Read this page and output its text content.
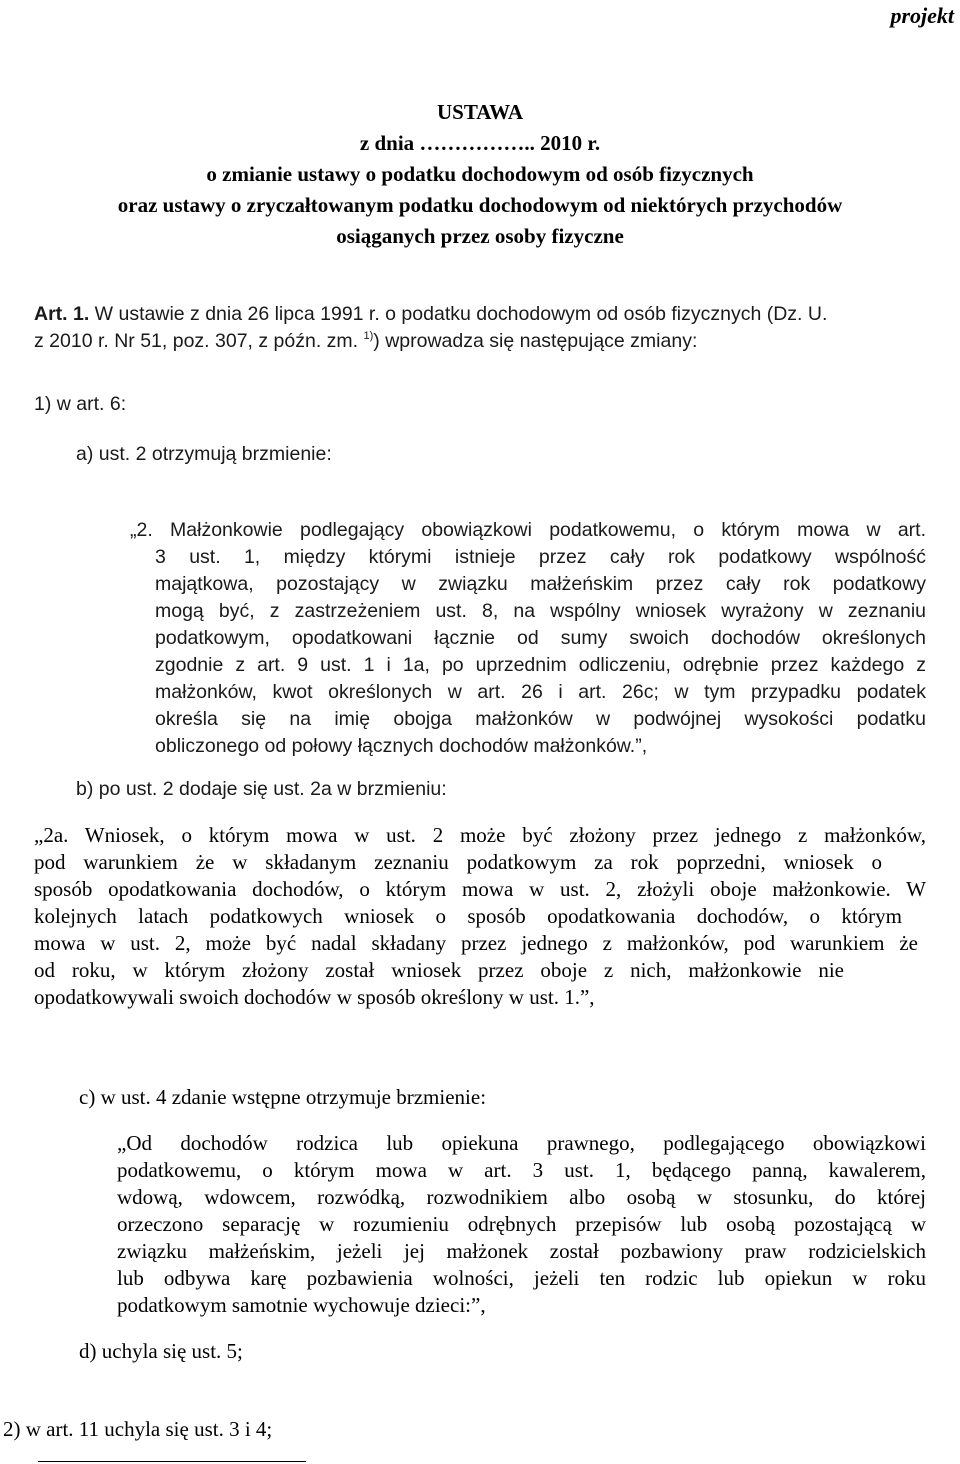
projekt
USTAWA
z dnia …………….. 2010 r.
o zmianie ustawy o podatku dochodowym od osób fizycznych
oraz ustawy o zryczałtowanym podatku dochodowym od niektórych przychodów
osiąganych przez osoby fizyczne
Art. 1. W ustawie z dnia 26 lipca 1991 r. o podatku dochodowym od osób fizycznych (Dz. U.
z 2010 r. Nr 51, poz. 307, z późn. zm. $^{1)}$) wprowadza się następujące zmiany:
1) w art. 6:
a) ust. 2 otrzymują brzmienie:
„2. Małżonkowie podlegający obowiązkowi podatkowemu, o którym mowa w art.
3 ust. 1, między którymi istnieje przez cały rok podatkowy wspólność
majątkowa, pozostający w związku małżeńskim przez cały rok podatkowy
mogą być, z zastrzeżeniem ust. 8, na wspólny wniosek wyrażony w zeznaniu
podatkowym, opodatkowani łącznie od sumy swoich dochodów określonych
zgodnie z art. 9 ust. 1 i 1a, po uprzednim odliczeniu, odrębnie przez każdego z
małżonków, kwot określonych w art. 26 i art. 26c; w tym przypadku podatek
określa się na imię obojga małżonków w podwójnej wysokości podatku
obliczonego od połowy łącznych dochodów małżonków.”,
b) po ust. 2 dodaje się ust. 2a w brzmieniu:
„2a. Wniosek, o którym mowa w ust. 2 może być złożony przez jednego z małżonków,
pod warunkiem że w składanym zeznaniu podatkowym za rok poprzedni, wniosek o
sposób opodatkowania dochodów, o którym mowa w ust. 2, złożyli oboje małżonkowie. W
kolejnych latach podatkowych wniosek o sposób opodatkowania dochodów, o którym
mowa w ust. 2, może być nadal składany przez jednego z małżonków, pod warunkiem że
od roku, w którym złożony został wniosek przez oboje z nich, małżonkowie nie
opodatkowywali swoich dochodów w sposób określony w ust. 1.”,
c) w ust. 4 zdanie wstępne otrzymuje brzmienie:
„Od dochodów rodzica lub opiekuna prawnego, podlegającego obowiązkowi
podatkowemu, o którym mowa w art. 3 ust. 1, będącego panną, kawalerem,
wdową, wdowcem, rozwódką, rozwodnikiem albo osobą w stosunku, do której
orzeczono separację w rozumieniu odrębnych przepisów lub osobą pozostającą w
związku małżeńskim, jeżeli jej małżonek został pozbawiony praw rodzicielskich
lub odbywa karę pozbawienia wolności, jeżeli ten rodzic lub opiekun w roku
podatkowym samotnie wychowuje dzieci:”,
d) uchyla się ust. 5;
2) w art. 11 uchyla się ust. 3 i 4;
